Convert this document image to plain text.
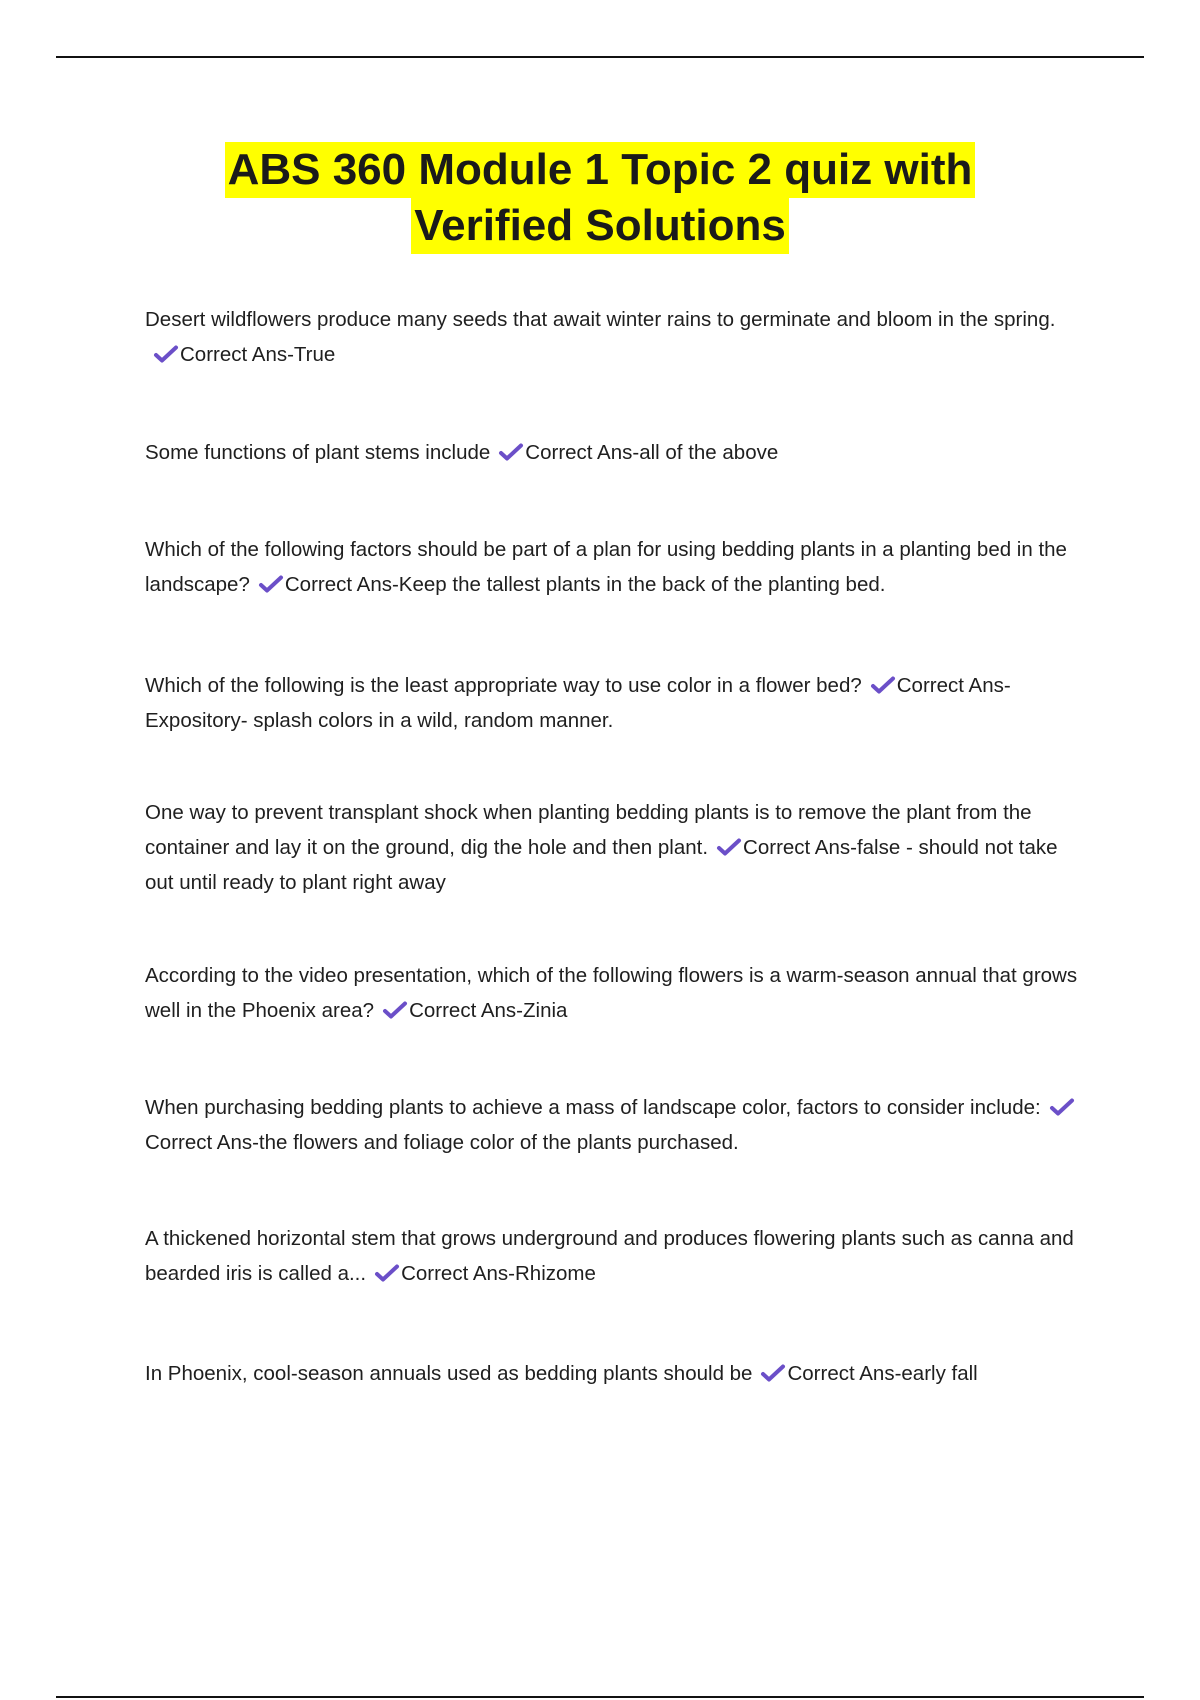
ABS 360 Module 1 Topic 2 quiz with
Verified Solutions
Desert wildflowers produce many seeds that await winter rains to germinate and bloom in the spring.
Correct Ans-True
Some functions of plant stems include Correct Ans-all of the above
Which of the following factors should be part of a plan for using bedding plants in a planting bed in the landscape? Correct Ans-Keep the tallest plants in the back of the planting bed.
Which of the following is the least appropriate way to use color in a flower bed? Correct Ans-Expository- splash colors in a wild, random manner.
One way to prevent transplant shock when planting bedding plants is to remove the plant from the container and lay it on the ground, dig the hole and then plant. Correct Ans-false - should not take out until ready to plant right away
According to the video presentation, which of the following flowers is a warm-season annual that grows well in the Phoenix area? Correct Ans-Zinia
When purchasing bedding plants to achieve a mass of landscape color, factors to consider include:
Correct Ans-the flowers and foliage color of the plants purchased.
A thickened horizontal stem that grows underground and produces flowering plants such as canna and bearded iris is called a... Correct Ans-Rhizome
In Phoenix, cool-season annuals used as bedding plants should be Correct Ans-early fall
